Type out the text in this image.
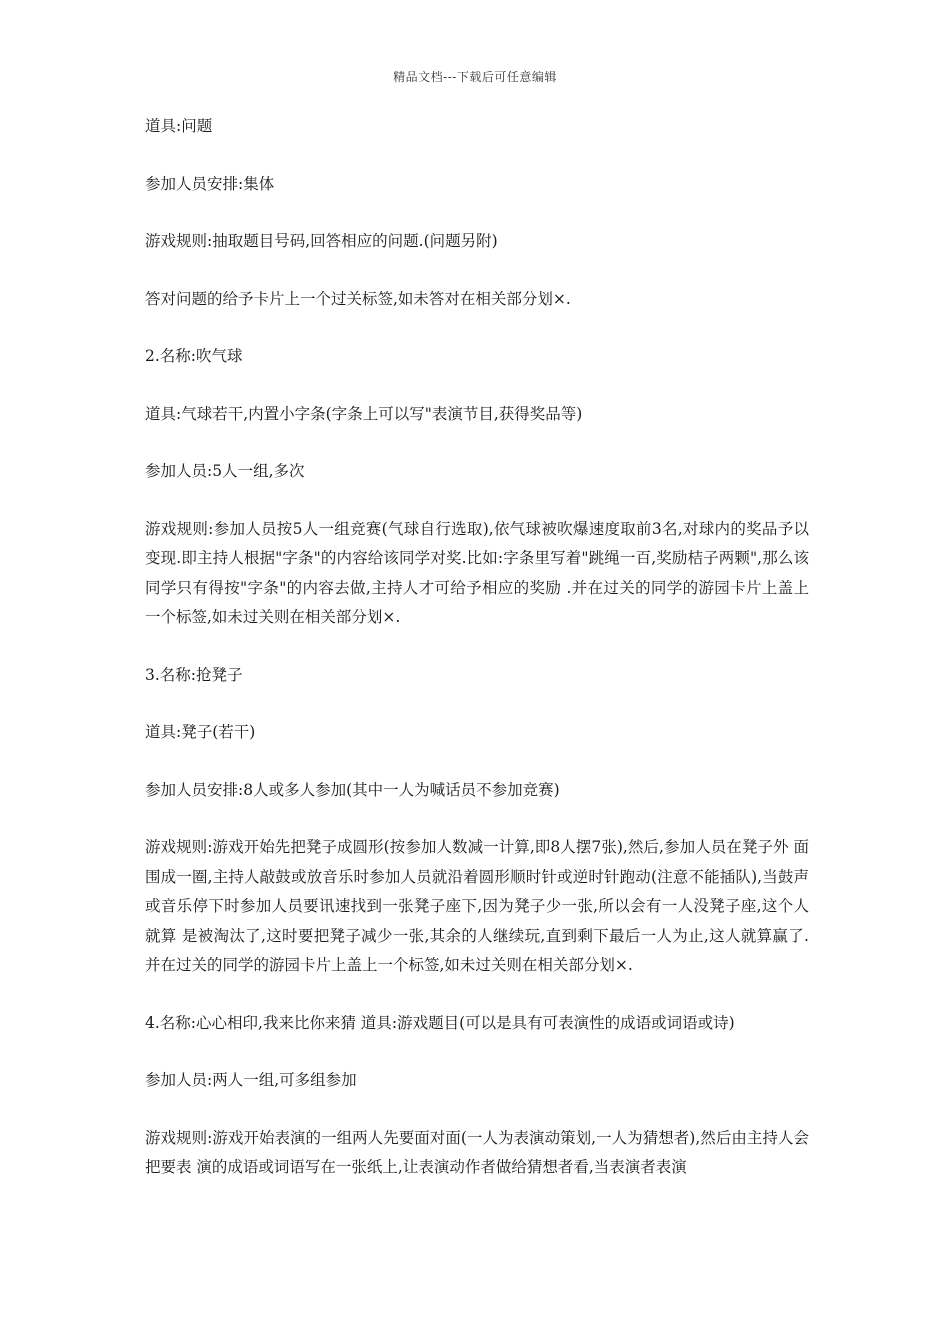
精品文档---下载后可任意编辑

道具:问题

参加人员安排:集体

游戏规则:抽取题目号码,回答相应的问题.(问题另附)

答对问题的给予卡片上一个过关标签,如未答对在相关部分划×.

2.名称:吹气球

道具:气球若干,内置小字条(字条上可以写"表演节目,获得奖品等)

参加人员:5人一组,多次

游戏规则:参加人员按5人一组竞赛(气球自行选取),依气球被吹爆速度取前3名,对球内的奖品予以变现.即主持人根据"字条"的内容给该同学对奖.比如:字条里写着"跳绳一百,奖励桔子两颗",那么该同学只有得按"字条"的内容去做,主持人才可给予相应的奖励 .并在过关的同学的游园卡片上盖上一个标签,如未过关则在相关部分划×.

3.名称:抢凳子

道具:凳子(若干)

参加人员安排:8人或多人参加(其中一人为喊话员不参加竞赛)

游戏规则:游戏开始先把凳子成圆形(按参加人数减一计算,即8人摆7张),然后,参加人员在凳子外 面围成一圈,主持人敲鼓或放音乐时参加人员就沿着圆形顺时针或逆时针跑动(注意不能插队),当鼓声 或音乐停下时参加人员要讯速找到一张凳子座下,因为凳子少一张,所以会有一人没凳子座,这个人就算 是被淘汰了,这时要把凳子减少一张,其余的人继续玩,直到剩下最后一人为止,这人就算赢了.并在过关的同学的游园卡片上盖上一个标签,如未过关则在相关部分划×.

4.名称:心心相印,我来比你来猜 道具:游戏题目(可以是具有可表演性的成语或词语或诗)

参加人员:两人一组,可多组参加

游戏规则:游戏开始表演的一组两人先要面对面(一人为表演动策划,一人为猜想者),然后由主持人会把要表 演的成语或词语写在一张纸上,让表演动作者做给猜想者看,当表演者表演
